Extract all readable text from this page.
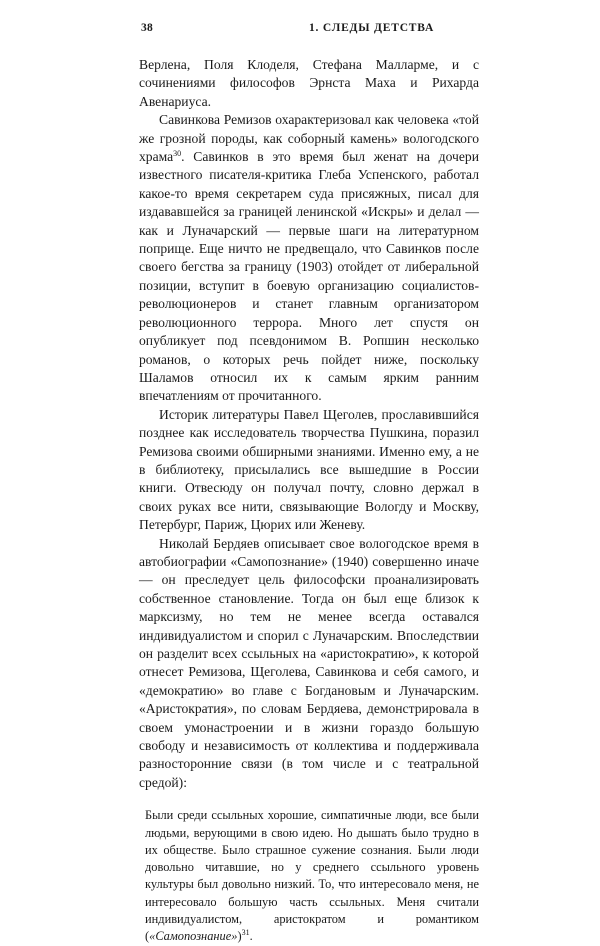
38	1. СЛЕДЫ ДЕТСТВА

Верлена, Поля Клоделя, Стефана Малларме, и с сочинениями философов Эрнста Маха и Рихарда Авенариуса.

Савинкова Ремизов охарактеризовал как человека «той же грозной породы, как соборный камень» вологодского храма$^{30}$. Савинков в это время был женат на дочери известного писателя-критика Глеба Успенского, работал какое-то время секретарем суда присяжных, писал для издававшейся за границей ленинской «Искры» и делал — как и Луначарский — первые шаги на литературном поприще. Еще ничто не предвещало, что Савинков после своего бегства за границу (1903) отойдет от либеральной позиции, вступит в боевую организацию социалистов-революционеров и станет главным организатором революционного террора. Много лет спустя он опубликует под псевдонимом В. Ропшин несколько романов, о которых речь пойдет ниже, поскольку Шаламов относил их к самым ярким ранним впечатлениям от прочитанного.

Историк литературы Павел Щеголев, прославившийся позднее как исследователь творчества Пушкина, поразил Ремизова своими обширными знаниями. Именно ему, а не в библиотеку, присылались все вышедшие в России книги. Отвесюду он получал почту, словно держал в своих руках все нити, связывающие Вологду и Москву, Петербург, Париж, Цюрих или Женеву.

Николай Бердяев описывает свое вологодское время в автобиографии «Самопознание» (1940) совершенно иначе — он преследует цель философски проанализировать собственное становление. Тогда он был еще близок к марксизму, но тем не менее всегда оставался индивидуалистом и спорил с Луначарским. Впоследствии он разделит всех ссыльных на «аристократию», к которой отнесет Ремизова, Щеголева, Савинкова и себя самого, и «демократию» во главе с Богдановым и Луначарским. «Аристократия», по словам Бердяева, демонстрировала в своем умонастроении и в жизни гораздо большую свободу и независимость от коллектива и поддерживала разносторонние связи (в том числе и с театральной средой):

Были среди ссыльных хорошие, симпатичные люди, все были людьми, верующими в свою идею. Но дышать было трудно в их обществе. Было страшное сужение сознания. Были люди довольно читавшие, но у среднего ссыльного уровень культуры был довольно низкий. То, что интересовало меня, не интересовало большую часть ссыльных. Меня считали индивидуалистом, аристократом и романтиком («Самопознание»)$^{31}$.
